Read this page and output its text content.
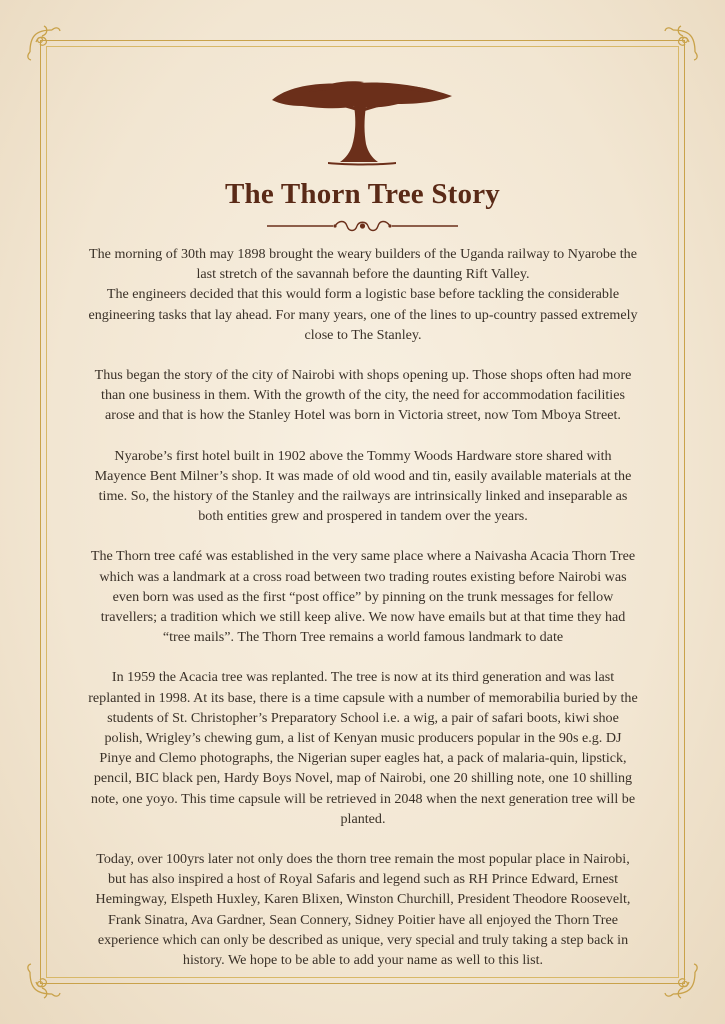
The Thorn Tree Story

The morning of 30th may 1898 brought the weary builders of the Uganda railway to Nyarobe the last stretch of the savannah before the daunting Rift Valley.
The engineers decided that this would form a logistic base before tackling the considerable engineering tasks that lay ahead. For many years, one of the lines to up-country passed extremely close to The Stanley.

Thus began the story of the city of Nairobi with shops opening up. Those shops often had more than one business in them. With the growth of the city, the need for accommodation facilities arose and that is how the Stanley Hotel was born in Victoria street, now Tom Mboya Street.

Nyarobe’s first hotel built in 1902 above the Tommy Woods Hardware store shared with Mayence Bent Milner’s shop. It was made of old wood and tin, easily available materials at the time. So, the history of the Stanley and the railways are intrinsically linked and inseparable as both entities grew and prospered in tandem over the years.

The Thorn tree café was established in the very same place where a Naivasha Acacia Thorn Tree which was a landmark at a cross road between two trading routes existing before Nairobi was even born was used as the first “post office” by pinning on the trunk messages for fellow travellers; a tradition which we still keep alive. We now have emails but at that time they had “tree mails”. The Thorn Tree remains a world famous landmark to date

In 1959 the Acacia tree was replanted. The tree is now at its third generation and was last replanted in 1998. At its base, there is a time capsule with a number of memorabilia buried by the students of St. Christopher’s Preparatory School i.e. a wig, a pair of safari boots, kiwi shoe polish, Wrigley’s chewing gum, a list of Kenyan music producers popular in the 90s e.g. DJ Pinye and Clemo photographs, the Nigerian super eagles hat, a pack of malaria-quin, lipstick, pencil, BIC black pen, Hardy Boys Novel, map of Nairobi, one 20 shilling note, one 10 shilling note, one yoyo. This time capsule will be retrieved in 2048 when the next generation tree will be planted.

Today, over 100yrs later not only does the thorn tree remain the most popular place in Nairobi, but has also inspired a host of Royal Safaris and legend such as RH Prince Edward, Ernest Hemingway, Elspeth Huxley, Karen Blixen, Winston Churchill, President Theodore Roosevelt, Frank Sinatra, Ava Gardner, Sean Connery, Sidney Poitier have all enjoyed the Thorn Tree experience which can only be described as unique, very special and truly taking a step back in history. We hope to be able to add your name as well to this list.
